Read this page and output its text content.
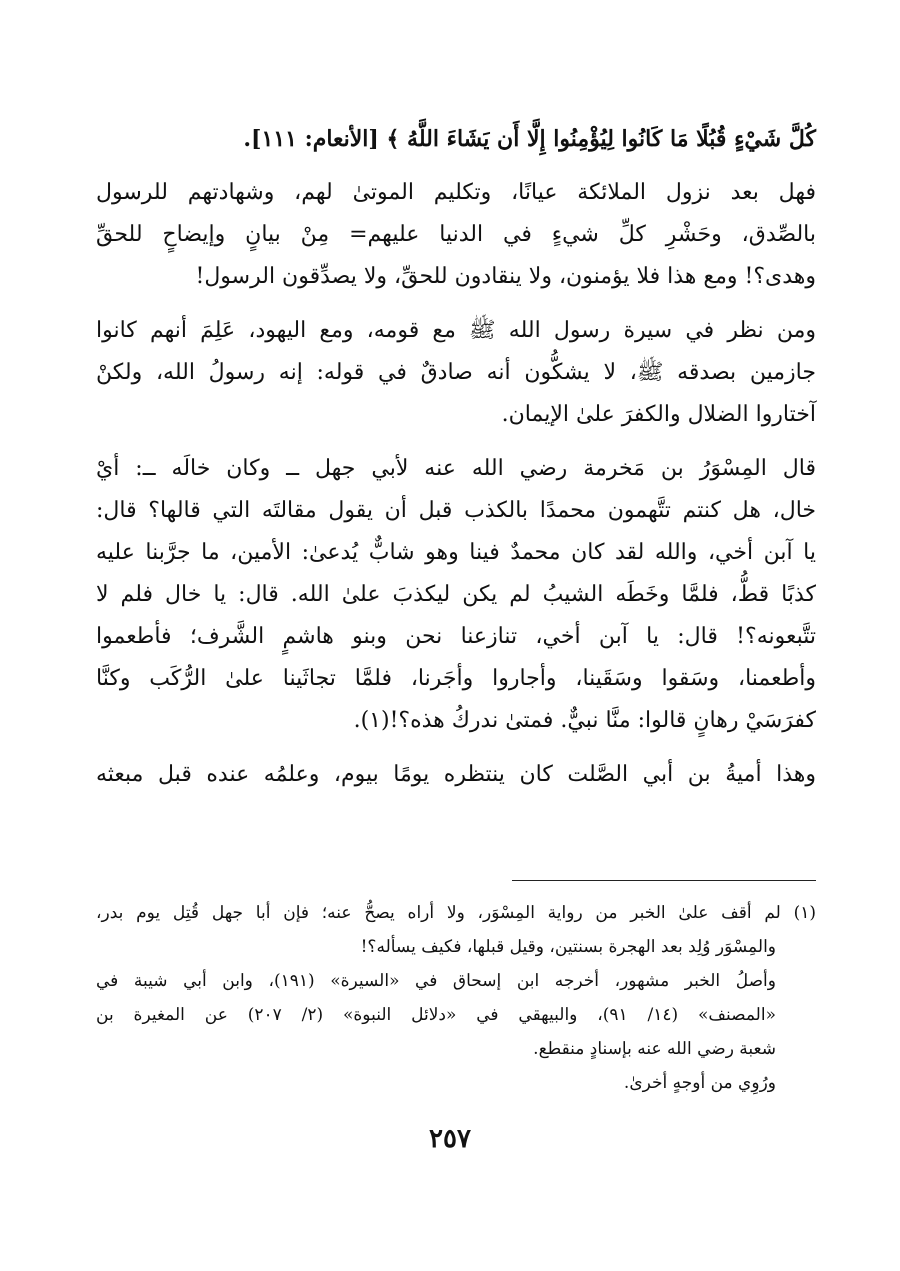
كُلَّ شَيْءٍ قُبُلًا مَا كَانُوا لِيُؤْمِنُوا إِلَّا أَن يَشَاءَ اللَّهُ ﴾ [الأنعام: ١١١].
فهل بعد نزول الملائكة عيانًا، وتكليم الموتىٰ لهم، وشهادتهم للرسول
بالصِّدق، وحَشْرِ كلِّ شيءٍ في الدنيا عليهم= مِنْ بيانٍ وإيضاحٍ للحقِّ
وهدى؟! ومع هذا فلا يؤمنون، ولا ينقادون للحقِّ، ولا يصدِّقون الرسول!
ومن نظر في سيرة رسول الله ﷺ مع قومه، ومع اليهود، عَلِمَ أنهم كانوا
جازمين بصدقه ﷺ، لا يشكُّون أنه صادقٌ في قوله: إنه رسولُ الله، ولكنْ
آختاروا الضلال والكفرَ علىٰ الإيمان.
قال المِسْوَرُ بن مَخرمة رضي الله عنه لأبي جهل ــ وكان خالَه ــ: أيْ
خال، هل كنتم تتَّهمون محمدًا بالكذب قبل أن يقول مقالتَه التي قالها؟ قال:
يا آبن أخي، والله لقد كان محمدٌ فينا وهو شابٌّ يُدعىٰ: الأمين، ما جرَّبنا عليه
كذبًا قطُّ، فلمَّا وخَطَه الشيبُ لم يكن ليكذبَ علىٰ الله. قال: يا خال فلم لا
تتَّبعونه؟! قال: يا آبن أخي، تنازعنا نحن وبنو هاشمٍ الشَّرف؛ فأطعموا
وأطعمنا، وسَقوا وسَقَينا، وأجاروا وأجَرنا، فلمَّا تجاثَينا علىٰ الرُّكَب وكنَّا
كفرَسَيْ رهانٍ قالوا: منَّا نبيٌّ. فمتىٰ ندركُ هذه؟!(١).
وهذا أميةُ بن أبي الصَّلت كان ينتظره يومًا بيوم، وعلمُه عنده قبل مبعثه
(١) لم أقف علىٰ الخبر من رواية المِسْوَر، ولا أراه يصحُّ عنه؛ فإن أبا جهل قُتِل يوم بدر،
والمِسْوَر وُلِد بعد الهجرة بسنتين، وقيل قبلها، فكيف يسأله؟!
وأصلُ الخبر مشهور، أخرجه ابن إسحاق في «السيرة» (١٩١)، وابن أبي شيبة في
«المصنف» (١٤/ ٩١)، والبيهقي في «دلائل النبوة» (٢/ ٢٠٧) عن المغيرة بن
شعبة رضي الله عنه بإسنادٍ منقطع.
ورُوِي من أوجهٍ أخرىٰ.
٢٥٧
